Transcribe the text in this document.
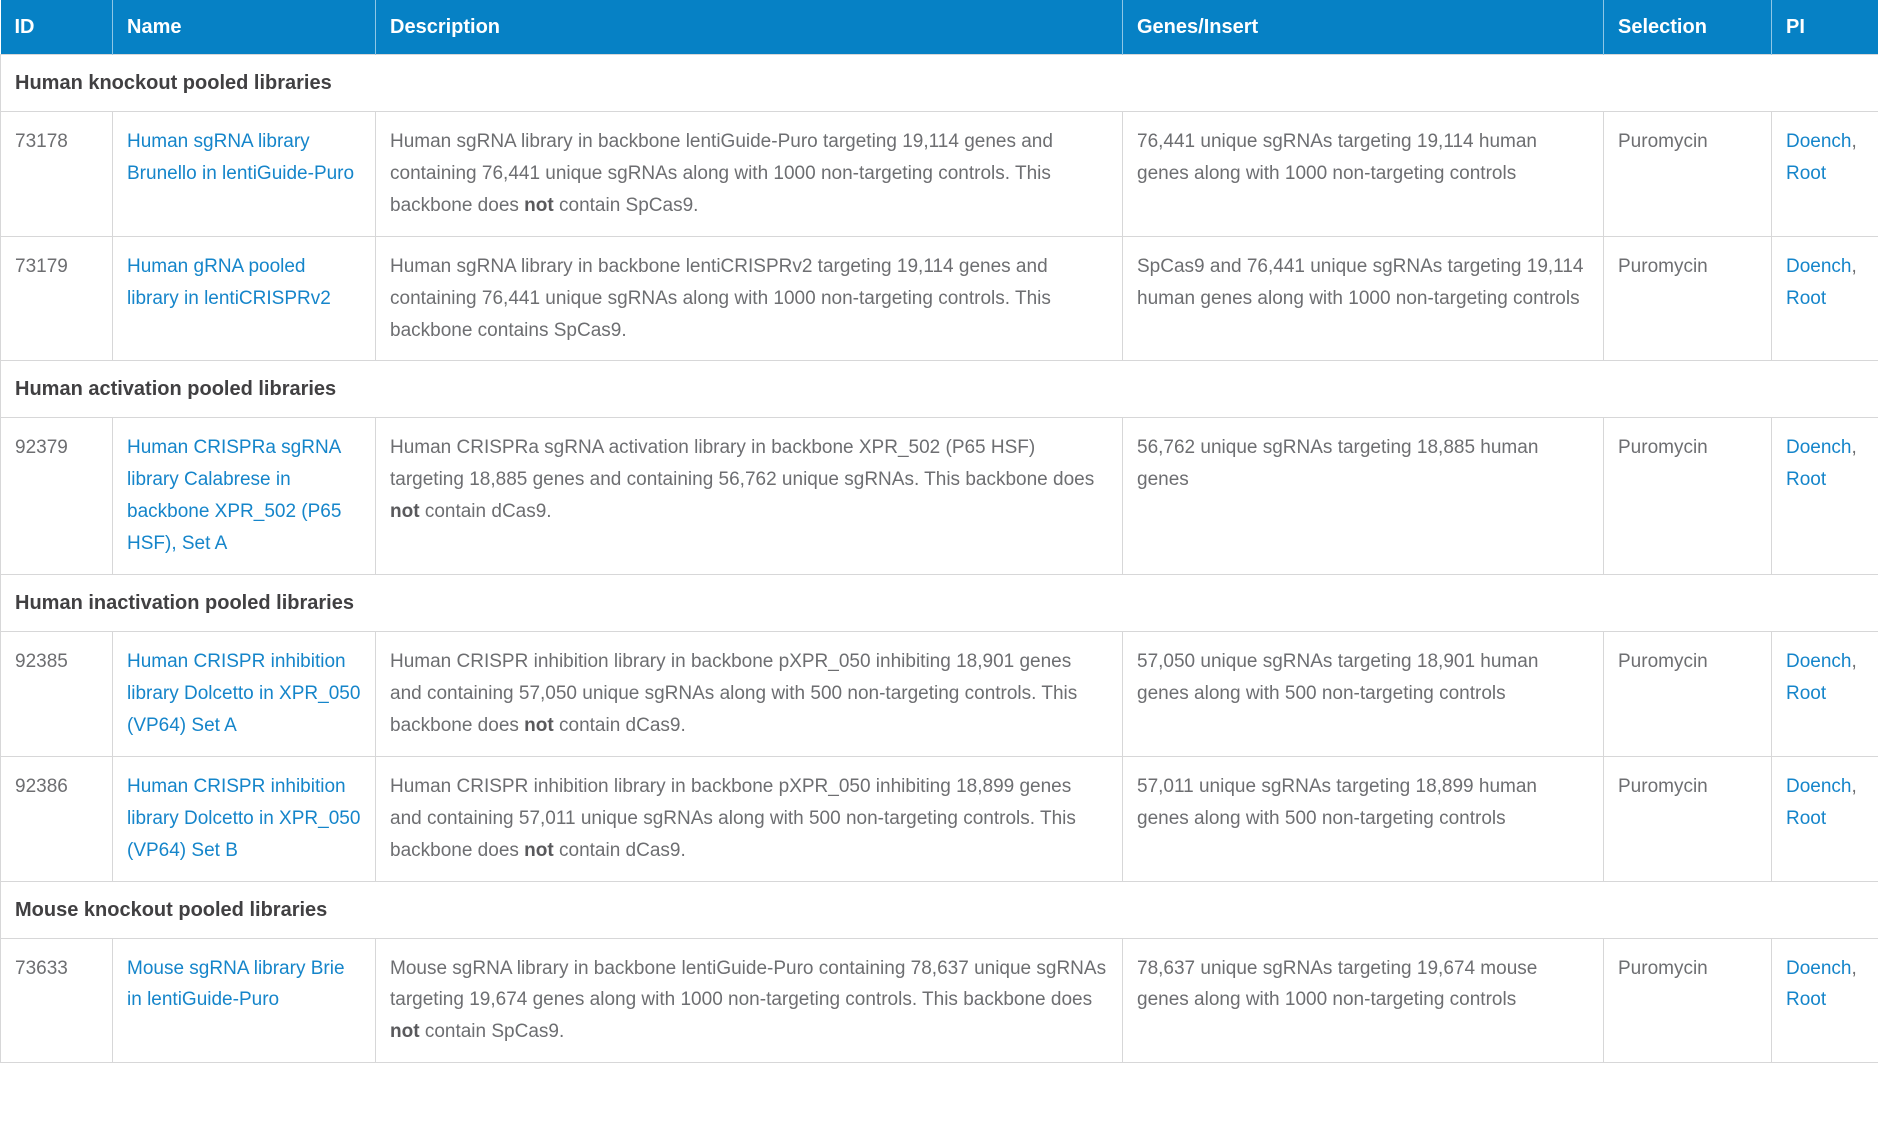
ID	Name	Description	Genes/Insert	Selection	PI
Human knockout pooled libraries					
73178	Human sgRNA library Brunello in lentiGuide-Puro	Human sgRNA library in backbone lentiGuide-Puro targeting 19,114 genes and containing 76,441 unique sgRNAs along with 1000 non-targeting controls. This backbone does not contain SpCas9.	76,441 unique sgRNAs targeting 19,114 human genes along with 1000 non-targeting controls	Puromycin	Doench, Root
73179	Human gRNA pooled library in lentiCRISPRv2	Human sgRNA library in backbone lentiCRISPRv2 targeting 19,114 genes and containing 76,441 unique sgRNAs along with 1000 non-targeting controls. This backbone contains SpCas9.	SpCas9 and 76,441 unique sgRNAs targeting 19,114 human genes along with 1000 non-targeting controls	Puromycin	Doench, Root
Human activation pooled libraries					
92379	Human CRISPRa sgRNA library Calabrese in backbone XPR_502 (P65 HSF), Set A	Human CRISPRa sgRNA activation library in backbone XPR_502 (P65 HSF) targeting 18,885 genes and containing 56,762 unique sgRNAs. This backbone does not contain dCas9.	56,762 unique sgRNAs targeting 18,885 human genes	Puromycin	Doench, Root
Human inactivation pooled libraries					
92385	Human CRISPR inhibition library Dolcetto in XPR_050 (VP64) Set A	Human CRISPR inhibition library in backbone pXPR_050 inhibiting 18,901 genes and containing 57,050 unique sgRNAs along with 500 non-targeting controls. This backbone does not contain dCas9.	57,050 unique sgRNAs targeting 18,901 human genes along with 500 non-targeting controls	Puromycin	Doench, Root
92386	Human CRISPR inhibition library Dolcetto in XPR_050 (VP64) Set B	Human CRISPR inhibition library in backbone pXPR_050 inhibiting 18,899 genes and containing 57,011 unique sgRNAs along with 500 non-targeting controls. This backbone does not contain dCas9.	57,011 unique sgRNAs targeting 18,899 human genes along with 500 non-targeting controls	Puromycin	Doench, Root
Mouse knockout pooled libraries					
73633	Mouse sgRNA library Brie in lentiGuide-Puro	Mouse sgRNA library in backbone lentiGuide-Puro containing 78,637 unique sgRNAs targeting 19,674 genes along with 1000 non-targeting controls. This backbone does not contain SpCas9.	78,637 unique sgRNAs targeting 19,674 mouse genes along with 1000 non-targeting controls	Puromycin	Doench, Root
